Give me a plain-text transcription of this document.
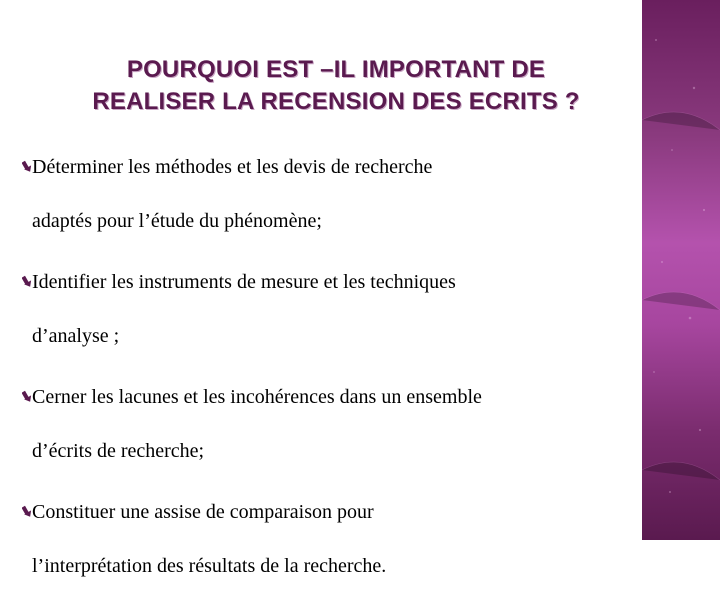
POURQUOI EST –IL IMPORTANT DE
REALISER LA RECENSION DES ECRITS ?
Déterminer les méthodes et les devis de recherche
adaptés pour l’étude du phénomène;
Identifier les instruments de mesure et les techniques
d’analyse ;
Cerner les lacunes et les incohérences dans un ensemble
d’écrits de recherche;
Constituer une assise de comparaison pour
l’interprétation des résultats de la recherche.
